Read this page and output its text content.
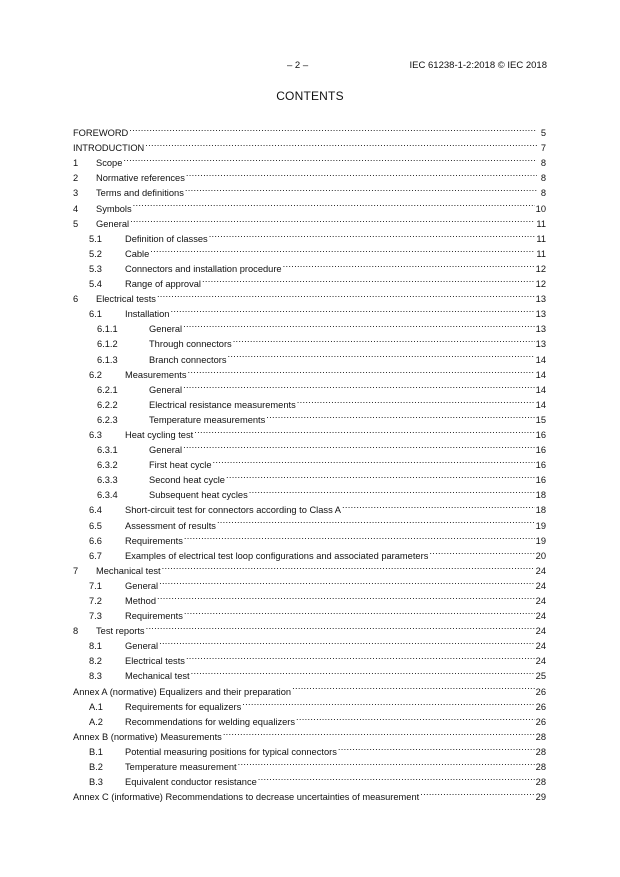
– 2 –	IEC 61238-1-2:2018 © IEC 2018
CONTENTS
FOREWORD . . .	5
INTRODUCTION . . .	7
1	Scope . . .	8
2	Normative references . . .	8
3	Terms and definitions . . .	8
4	Symbols . . .	10
5	General . . .	11
5.1	Definition of classes . . .	11
5.2	Cable . . .	11
5.3	Connectors and installation procedure . . .	12
5.4	Range of approval . . .	12
6	Electrical tests . . .	13
6.1	Installation . . .	13
6.1.1	General . . .	13
6.1.2	Through connectors . . .	13
6.1.3	Branch connectors . . .	14
6.2	Measurements . . .	14
6.2.1	General . . .	14
6.2.2	Electrical resistance measurements . . .	14
6.2.3	Temperature measurements . . .	15
6.3	Heat cycling test . . .	16
6.3.1	General . . .	16
6.3.2	First heat cycle . . .	16
6.3.3	Second heat cycle . . .	16
6.3.4	Subsequent heat cycles . . .	18
6.4	Short-circuit test for connectors according to Class A . . .	18
6.5	Assessment of results . . .	19
6.6	Requirements . . .	19
6.7	Examples of electrical test loop configurations and associated parameters . . .	20
7	Mechanical test . . .	24
7.1	General . . .	24
7.2	Method . . .	24
7.3	Requirements . . .	24
8	Test reports . . .	24
8.1	General . . .	24
8.2	Electrical tests . . .	24
8.3	Mechanical test . . .	25
Annex A (normative) Equalizers and their preparation . . .	26
A.1	Requirements for equalizers . . .	26
A.2	Recommendations for welding equalizers . . .	26
Annex B (normative) Measurements . . .	28
B.1	Potential measuring positions for typical connectors . . .	28
B.2	Temperature measurement . . .	28
B.3	Equivalent conductor resistance . . .	28
Annex C (informative) Recommendations to decrease uncertainties of measurement . . .	29
